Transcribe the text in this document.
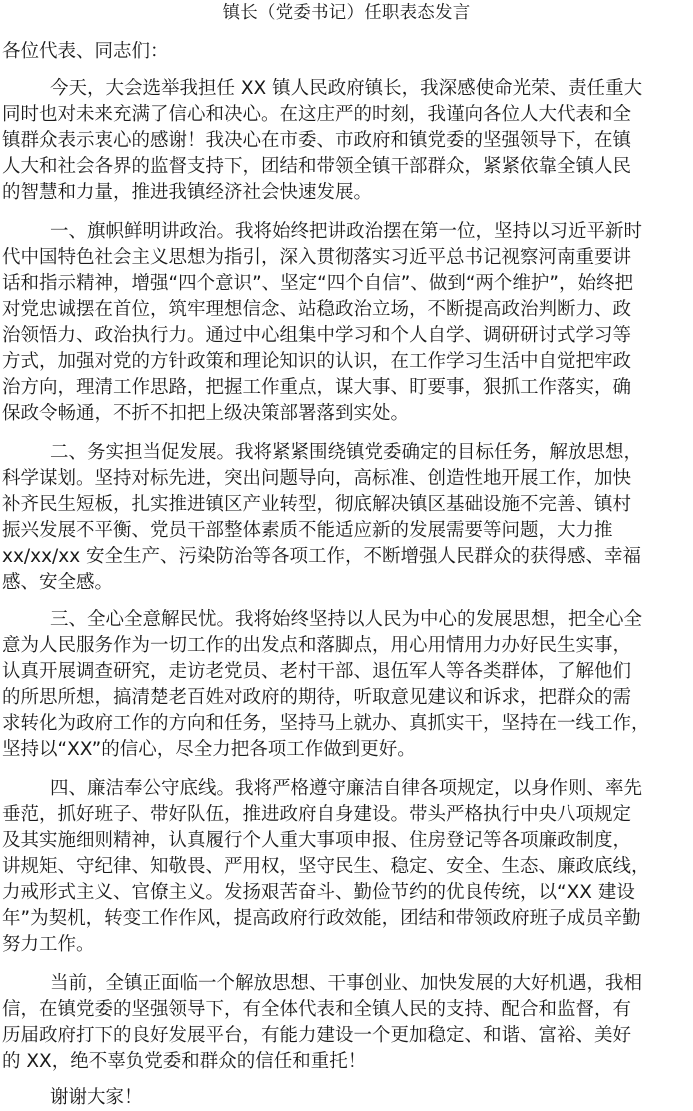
镇长（党委书记）任职表态发言
各位代表、同志们：
今天，大会选举我担任 XX 镇人民政府镇长，我深感使命光荣、责任重大
同时也对未来充满了信心和决心。在这庄严的时刻，我谨向各位人大代表和全
镇群众表示衷心的感谢！我决心在市委、市政府和镇党委的坚强领导下，在镇
人大和社会各界的监督支持下，团结和带领全镇干部群众，紧紧依靠全镇人民
的智慧和力量，推进我镇经济社会快速发展。
一、旗帜鲜明讲政治。我将始终把讲政治摆在第一位，坚持以习近平新时
代中国特色社会主义思想为指引，深入贯彻落实习近平总书记视察河南重要讲
话和指示精神，增强“四个意识”、坚定“四个自信”、做到“两个维护”，始终把
对党忠诚摆在首位，筑牢理想信念、站稳政治立场，不断提高政治判断力、政
治领悟力、政治执行力。通过中心组集中学习和个人自学、调研研讨式学习等
方式，加强对党的方针政策和理论知识的认识，在工作学习生活中自觉把牢政
治方向，理清工作思路，把握工作重点，谋大事、盯要事，狠抓工作落实，确
保政令畅通，不折不扣把上级决策部署落到实处。
二、务实担当促发展。我将紧紧围绕镇党委确定的目标任务，解放思想，
科学谋划。坚持对标先进，突出问题导向，高标准、创造性地开展工作，加快
补齐民生短板，扎实推进镇区产业转型，彻底解决镇区基础设施不完善、镇村
振兴发展不平衡、党员干部整体素质不能适应新的发展需要等问题，大力推
xx/xx/xx 安全生产、污染防治等各项工作，不断增强人民群众的获得感、幸福
感、安全感。
三、全心全意解民忧。我将始终坚持以人民为中心的发展思想，把全心全
意为人民服务作为一切工作的出发点和落脚点，用心用情用力办好民生实事，
认真开展调查研究，走访老党员、老村干部、退伍军人等各类群体，了解他们
的所思所想，搞清楚老百姓对政府的期待，听取意见建议和诉求，把群众的需
求转化为政府工作的方向和任务，坚持马上就办、真抓实干，坚持在一线工作，
坚持以“XX”的信心，尽全力把各项工作做到更好。
四、廉洁奉公守底线。我将严格遵守廉洁自律各项规定，以身作则、率先
垂范，抓好班子、带好队伍，推进政府自身建设。带头严格执行中央八项规定
及其实施细则精神，认真履行个人重大事项申报、住房登记等各项廉政制度，
讲规矩、守纪律、知敬畏、严用权，坚守民生、稳定、安全、生态、廉政底线，
力戒形式主义、官僚主义。发扬艰苦奋斗、勤俭节约的优良传统，以“XX 建设
年”为契机，转变工作作风，提高政府行政效能，团结和带领政府班子成员辛勤
努力工作。
当前，全镇正面临一个解放思想、干事创业、加快发展的大好机遇，我相
信，在镇党委的坚强领导下，有全体代表和全镇人民的支持、配合和监督，有
历届政府打下的良好发展平台，有能力建设一个更加稳定、和谐、富裕、美好
的 XX，绝不辜负党委和群众的信任和重托！
谢谢大家！
